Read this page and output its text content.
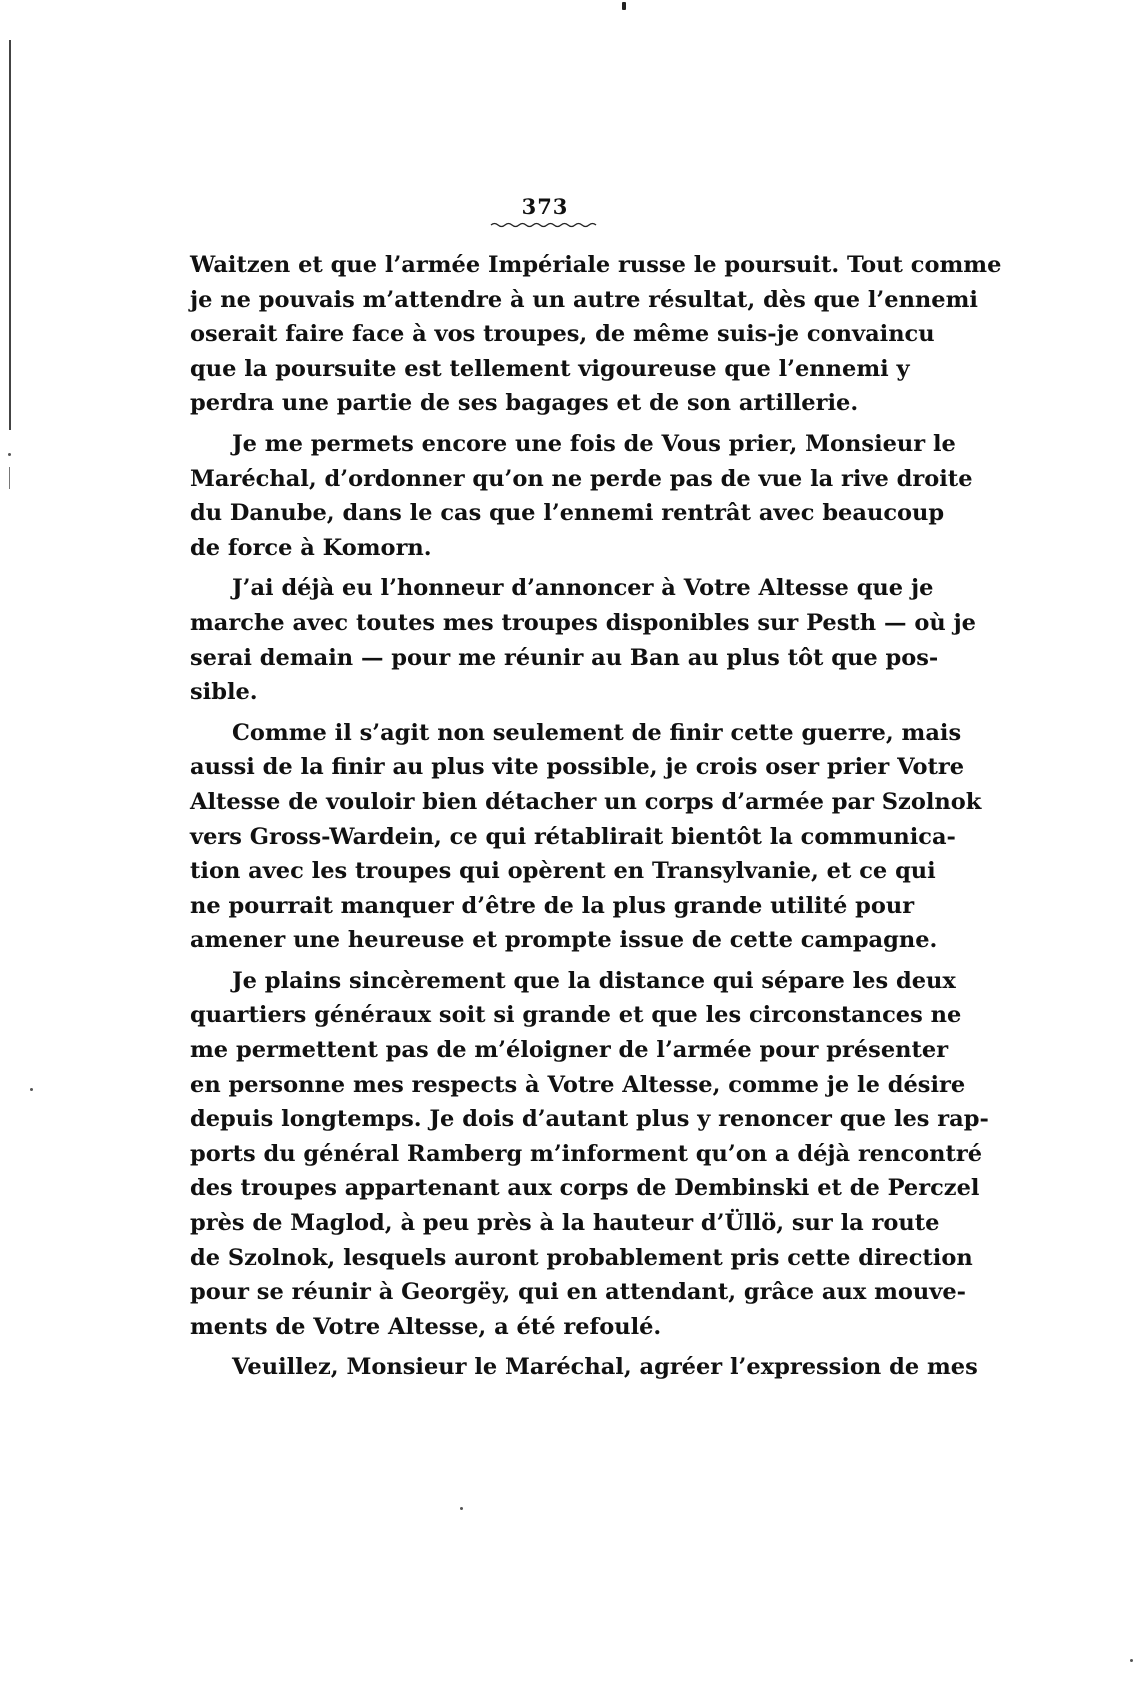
373
Waitzen et que l’armée Impériale russe le poursuit. Tout comme
je ne pouvais m’attendre à un autre résultat, dès que l’ennemi
oserait faire face à vos troupes, de même suis-je convaincu
que la poursuite est tellement vigoureuse que l’ennemi y
perdra une partie de ses bagages et de son artillerie.
Je me permets encore une fois de Vous prier, Monsieur le
Maréchal, d’ordonner qu’on ne perde pas de vue la rive droite
du Danube, dans le cas que l’ennemi rentrât avec beaucoup
de force à Komorn.
J’ai déjà eu l’honneur d’annoncer à Votre Altesse que je
marche avec toutes mes troupes disponibles sur Pesth — où je
serai demain — pour me réunir au Ban au plus tôt que pos-
sible.
Comme il s’agit non seulement de finir cette guerre, mais
aussi de la finir au plus vite possible, je crois oser prier Votre
Altesse de vouloir bien détacher un corps d’armée par Szolnok
vers Gross-Wardein, ce qui rétablirait bientôt la communica-
tion avec les troupes qui opèrent en Transylvanie, et ce qui
ne pourrait manquer d’être de la plus grande utilité pour
amener une heureuse et prompte issue de cette campagne.
Je plains sincèrement que la distance qui sépare les deux
quartiers généraux soit si grande et que les circonstances ne
me permettent pas de m’éloigner de l’armée pour présenter
en personne mes respects à Votre Altesse, comme je le désire
depuis longtemps. Je dois d’autant plus y renoncer que les rap-
ports du général Ramberg m’informent qu’on a déjà rencontré
des troupes appartenant aux corps de Dembinski et de Perczel
près de Maglod, à peu près à la hauteur d’Üllö, sur la route
de Szolnok, lesquels auront probablement pris cette direction
pour se réunir à Georgëy, qui en attendant, grâce aux mouve-
ments de Votre Altesse, a été refoulé.
Veuillez, Monsieur le Maréchal, agréer l’expression de mes
